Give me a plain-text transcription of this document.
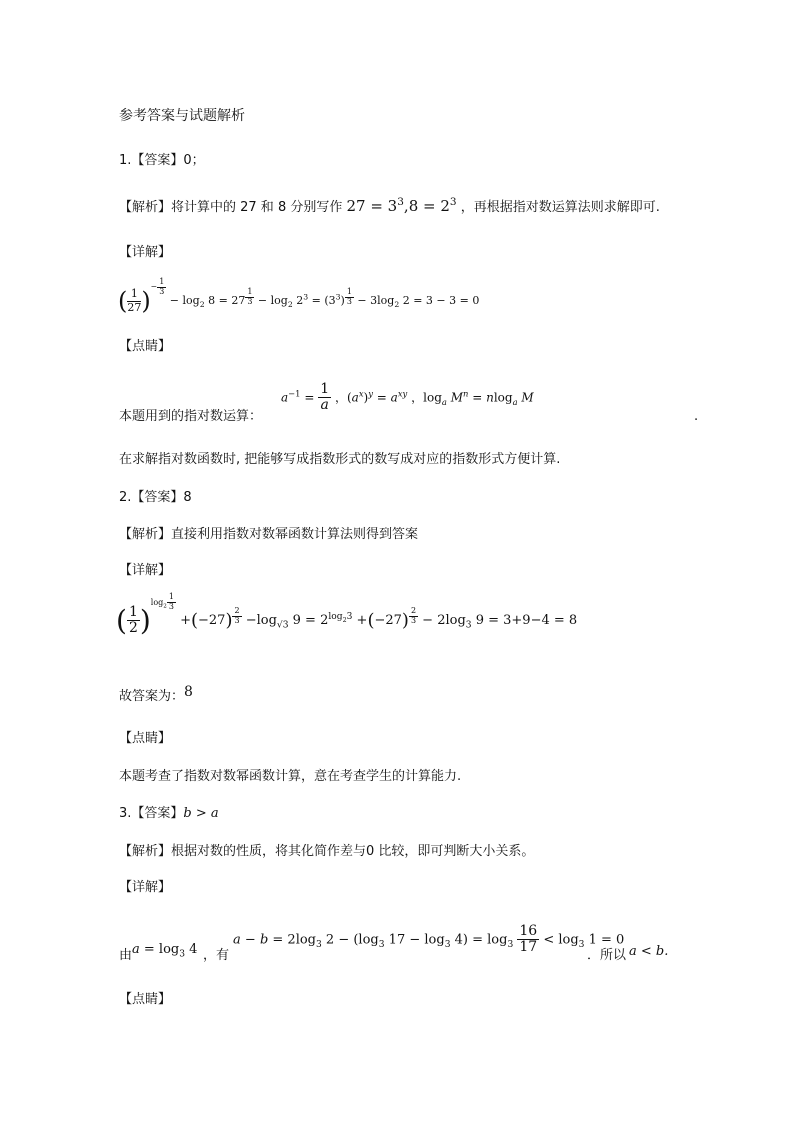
参考答案与试题解析
1.【答案】0；
【解析】将计算中的 27 和 8 分别写作 $27 = 3^3,8 = 2^3$ ，再根据指对数运算法则求解即可.
【详解】
( $\frac{1}{27} )^{- \frac{1}{3}}$
− $\log_2 8 = 27$ $^{\frac{1}{3}} - \log_2 2^3 = (3^3) ^{\frac{1}{3}} - 3\log_2$ 2 = 3 − 3 = 0
【点睛】
本题用到的指对数运算：
$a^{-1} = \frac{1}{a}$ ，$(a^x)^y = a^{xy}$ ，$\log_a M^n = nlog_a$ M
.
在求解指对数函数时, 把能够写成指数形式的数写成对应的指数形式方便计算.
2.【答案】8
【解析】直接利用指数对数幂函数计算法则得到答案
【详解】
( $\frac{1}{2} )^{log_2 \frac{1}{3}}$
+(−27) $^{\frac{2}{3}} -\log_{√3}$ $9 = 2^{log_23} +(-27) ^{\frac{2}{3}} - 2\log_3$ 9 = 3+9−4 = 8
故答案为：8
【点睛】
本题考查了指数对数幂函数计算，意在考查学生的计算能力.
3.【答案】b > a
【解析】根据对数的性质，将其化简作差与0 比较，即可判断大小关系。
【详解】
由 $a = \log_3 4$ ，有
$a - b = 2\log_3$ $2 - (\log_3$ $17 - \log_3 4) = \log_3 \frac{16}{17} < \log_3 1 = 0$
．所以 a < b.
【点睛】
